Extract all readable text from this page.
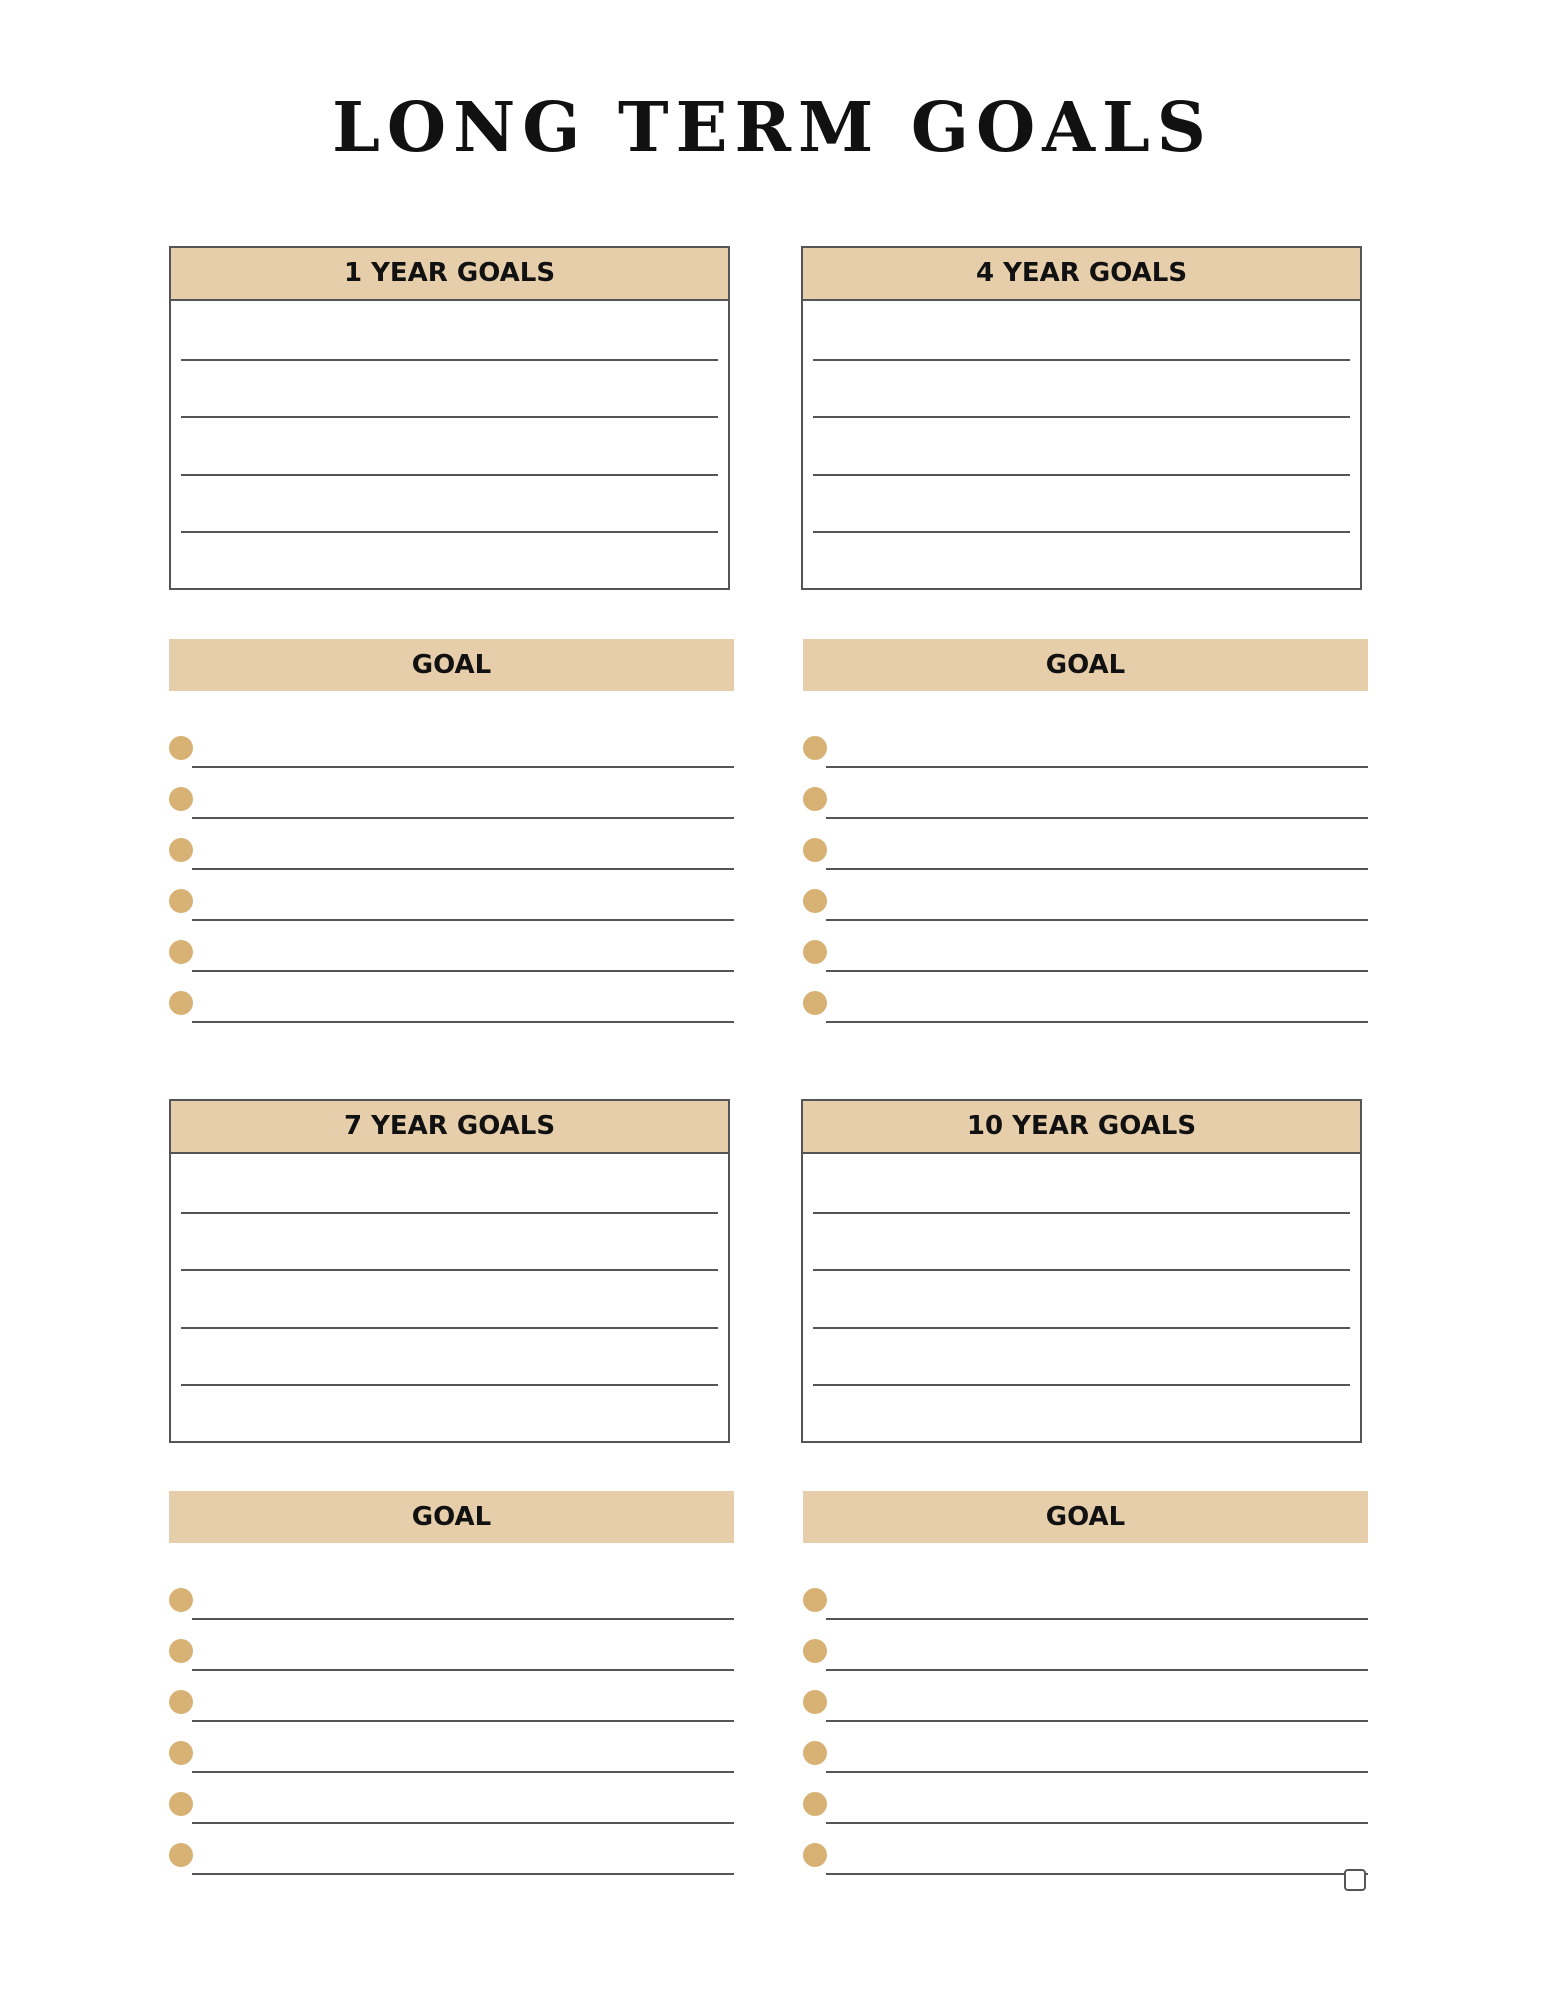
LONG TERM GOALS
1 YEAR GOALS	4 YEAR GOALS
GOAL	GOAL
7 YEAR GOALS	10 YEAR GOALS
GOAL	GOAL
